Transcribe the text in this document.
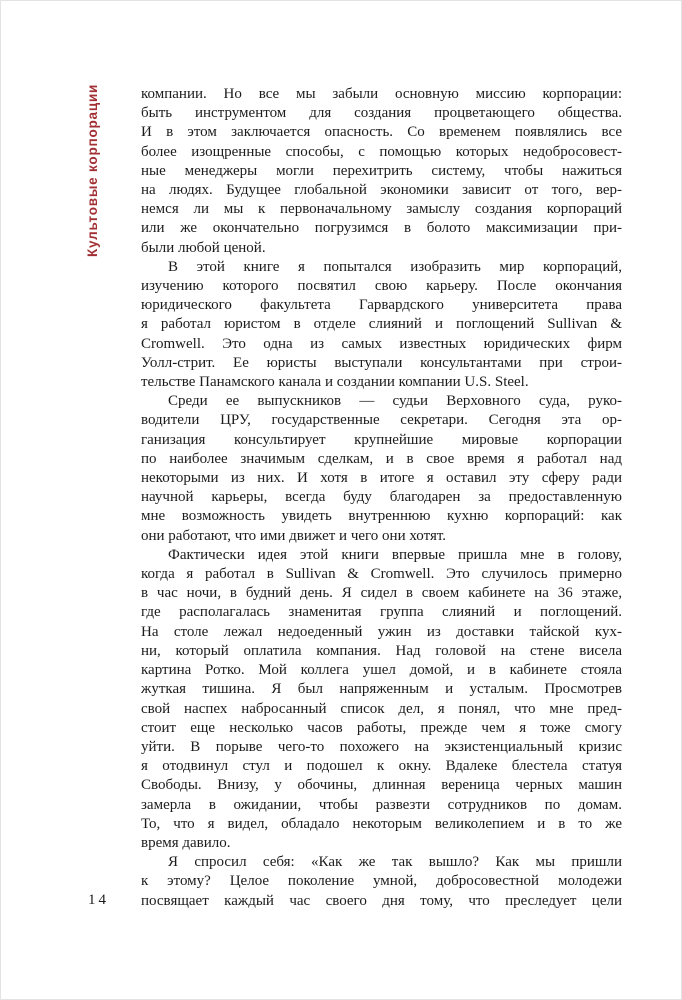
Культовые корпорации	компании. Но все мы забыли основную миссию корпорации:
быть инструментом для создания процветающего общества.
И в этом заключается опасность. Со временем появлялись все
более изощренные способы, с помощью которых недобросовест-
ные менеджеры могли перехитрить систему, чтобы нажиться
на людях. Будущее глобальной экономики зависит от того, вер-
немся ли мы к первоначальному замыслу создания корпораций
или же окончательно погрузимся в болото максимизации при-
были любой ценой.
В этой книге я попытался изобразить мир корпораций,
изучению которого посвятил свою карьеру. После окончания
юридического факультета Гарвардского университета права
я работал юристом в отделе слияний и поглощений Sullivan &
Cromwell. Это одна из самых известных юридических фирм
Уолл-стрит. Ее юристы выступали консультантами при строи-
тельстве Панамского канала и создании компании U.S. Steel.
Среди ее выпускников — судьи Верховного суда, руко-
водители ЦРУ, государственные секретари. Сегодня эта ор-
ганизация консультирует крупнейшие мировые корпорации
по наиболее значимым сделкам, и в свое время я работал над
некоторыми из них. И хотя в итоге я оставил эту сферу ради
научной карьеры, всегда буду благодарен за предоставленную
мне возможность увидеть внутреннюю кухню корпораций: как
они работают, что ими движет и чего они хотят.
Фактически идея этой книги впервые пришла мне в голову,
когда я работал в Sullivan & Cromwell. Это случилось примерно
в час ночи, в будний день. Я сидел в своем кабинете на 36 этаже,
где располагалась знаменитая группа слияний и поглощений.
На столе лежал недоеденный ужин из доставки тайской кух-
ни, который оплатила компания. Над головой на стене висела
картина Ротко. Мой коллега ушел домой, и в кабинете стояла
жуткая тишина. Я был напряженным и усталым. Просмотрев
свой наспех набросанный список дел, я понял, что мне пред-
стоит еще несколько часов работы, прежде чем я тоже смогу
уйти. В порыве чего-то похожего на экзистенциальный кризис
я отодвинул стул и подошел к окну. Вдалеке блестела статуя
Свободы. Внизу, у обочины, длинная вереница черных машин
замерла в ожидании, чтобы развезти сотрудников по домам.
То, что я видел, обладало некоторым великолепием и в то же
время давило.
Я спросил себя: «Как же так вышло? Как мы пришли
к этому? Целое поколение умной, добросовестной молодежи
посвящает каждый час своего дня тому, что преследует цели
14
